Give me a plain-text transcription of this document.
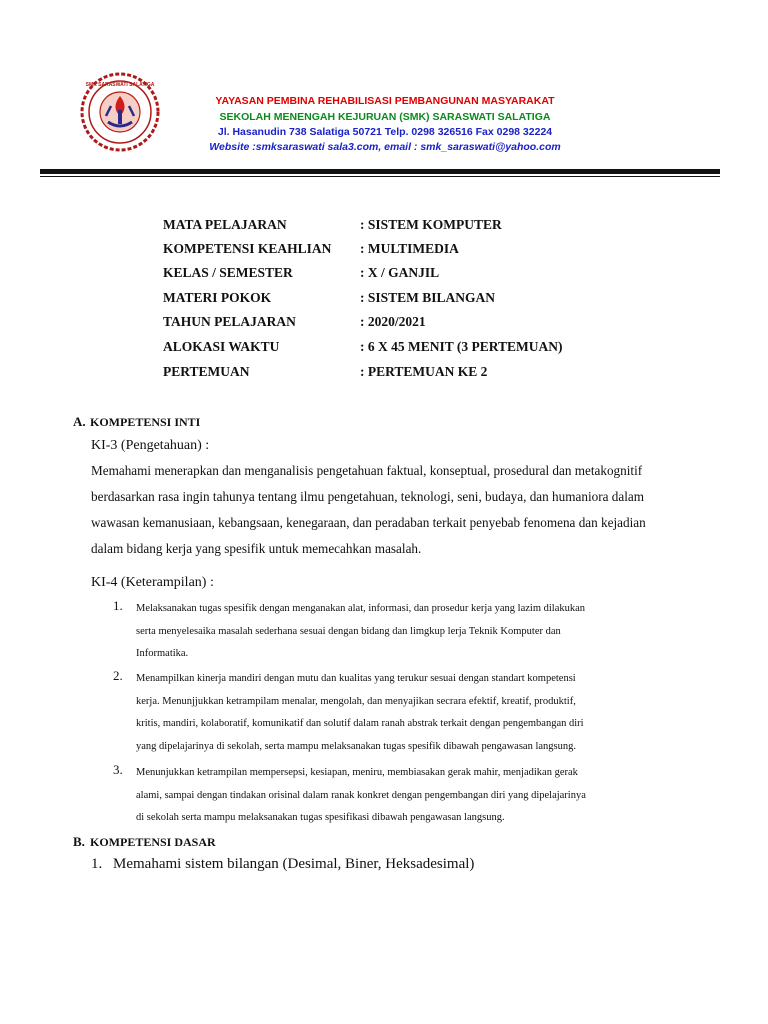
SMK SARASWATI SALATIGA
YAYASAN PEMBINA REHABILISASI PEMBANGUNAN MASYARAKAT
SEKOLAH MENENGAH KEJURUAN (SMK) SARASWATI SALATIGA
Jl. Hasanudin 738 Salatiga 50721 Telp. 0298 326516 Fax 0298 32224
Website :smksaraswati sala3.com, email : smk_saraswati@yahoo.com
MATA PELAJARAN	: SISTEM KOMPUTER
KOMPETENSI KEAHLIAN : MULTIMEDIA
KELAS / SEMESTER	: X / GANJIL
MATERI POKOK	: SISTEM BILANGAN
TAHUN PELAJARAN	: 2020/2021
ALOKASI WAKTU	: 6 X 45 MENIT (3 PERTEMUAN)
PERTEMUAN	: PERTEMUAN KE 2
A. KOMPETENSI INTI
KI-3 (Pengetahuan) :

Memahami menerapkan dan menganalisis pengetahuan faktual, konseptual, prosedural dan metakognitif

berdasarkan rasa ingin tahunya tentang ilmu pengetahuan, teknologi, seni, budaya, dan humaniora dalam

wawasan kemanusiaan, kebangsaan, kenegaraan, dan peradaban terkait penyebab fenomena dan kejadian

dalam bidang kerja yang spesifik untuk memecahkan masalah.

KI-4 (Keterampilan) :
1. Melaksanakan tugas spesifik dengan menganakan alat, informasi, dan prosedur kerja yang lazim dilakukan
serta menyelesaika masalah sederhana sesuai dengan bidang dan limgkup lerja Teknik Komputer dan
Informatika.
2. Menampilkan kinerja mandiri dengan mutu dan kualitas yang terukur sesuai dengan standart kompetensi
kerja. Menunjjukkan ketrampilam menalar, mengolah, dan menyajikan secrara efektif, kreatif, produktif,
kritis, mandiri, kolaboratif, komunikatif dan solutif dalam ranah abstrak terkait dengan pengembangan diri
yang dipelajarinya di sekolah, serta mampu melaksanakan tugas spesifik dibawah pengawasan langsung.
3. Menunjukkan ketrampilan mempersepsi, kesiapan, meniru, membiasakan gerak mahir, menjadikan gerak
alami, sampai dengan tindakan orisinal dalam ranak konkret dengan pengembangan diri yang dipelajarinya
di sekolah serta mampu melaksanakan tugas spesifikasi dibawah pengawasan langsung.
B. KOMPETENSI DASAR
1. Memahami sistem bilangan (Desimal, Biner, Heksadesimal)
